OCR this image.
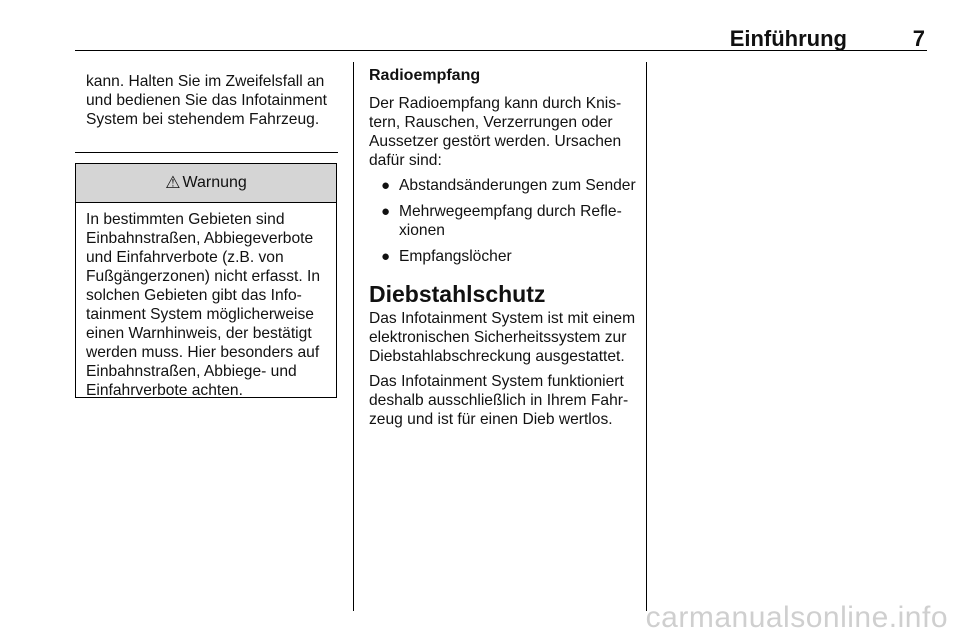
Einführung	7

kann. Halten Sie im Zweifelsfall an und bedienen Sie das Infotainment System bei stehendem Fahrzeug.

⚠ Warnung

In bestimmten Gebieten sind Einbahnstraßen, Abbiegeverbote und Einfahrverbote (z.B. von Fußgängerzonen) nicht erfasst. In solchen Gebieten gibt das Infotainment System möglicherweise einen Warnhinweis, der bestätigt werden muss. Hier besonders auf Einbahnstraßen, Abbiege- und Einfahrverbote achten.

Radioempfang

Der Radioempfang kann durch Knistern, Rauschen, Verzerrungen oder Aussetzer gestört werden. Ursachen dafür sind:

● Abstandsänderungen zum Sender
● Mehrwegeempfang durch Reflexionen
● Empfangslöcher
Diebstahlschutz

Das Infotainment System ist mit einem elektronischen Sicherheitssystem zur Diebstahlabschreckung ausgestattet.

Das Infotainment System funktioniert deshalb ausschließlich in Ihrem Fahrzeug und ist für einen Dieb wertlos.

carmanualsonline.info
